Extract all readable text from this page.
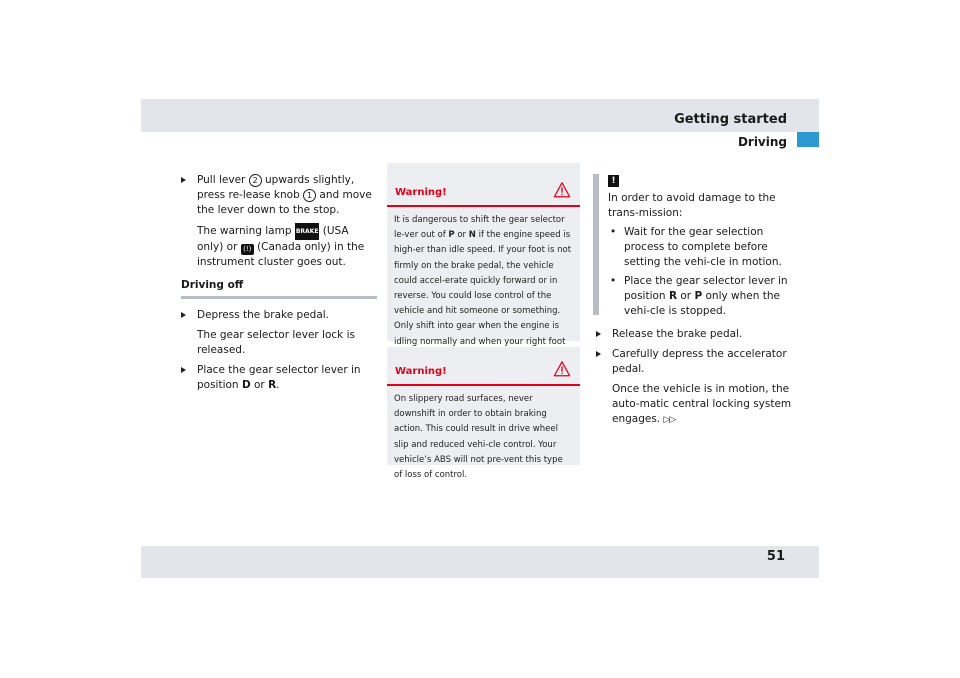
Getting started
Driving
Pull lever 2 upwards slightly, press re-lease knob 1 and move the lever down to the stop.
The warning lamp BRAKE (USA only) or (!) (Canada only) in the instrument cluster goes out.
Driving off
Depress the brake pedal.
The gear selector lever lock is released.
Place the gear selector lever in position D or R.
Warning!
It is dangerous to shift the gear selector le-ver out of P or N if the engine speed is high-er than idle speed. If your foot is not firmly on the brake pedal, the vehicle could accel-erate quickly forward or in reverse. You could lose control of the vehicle and hit someone or something. Only shift into gear when the engine is idling normally and when your right foot
Warning!
On slippery road surfaces, never downshift in order to obtain braking action. This could result in drive wheel slip and reduced vehi-cle control. Your vehicle’s ABS will not pre-vent this type of loss of control.
!

In order to avoid damage to the trans-mission:

• Wait for the gear selection process to complete before setting the vehi-cle in motion.
• Place the gear selector lever in position R or P only when the vehi-cle is stopped.
Release the brake pedal.
Carefully depress the accelerator pedal.
Once the vehicle is in motion, the auto-matic central locking system engages. ▷▷
51
